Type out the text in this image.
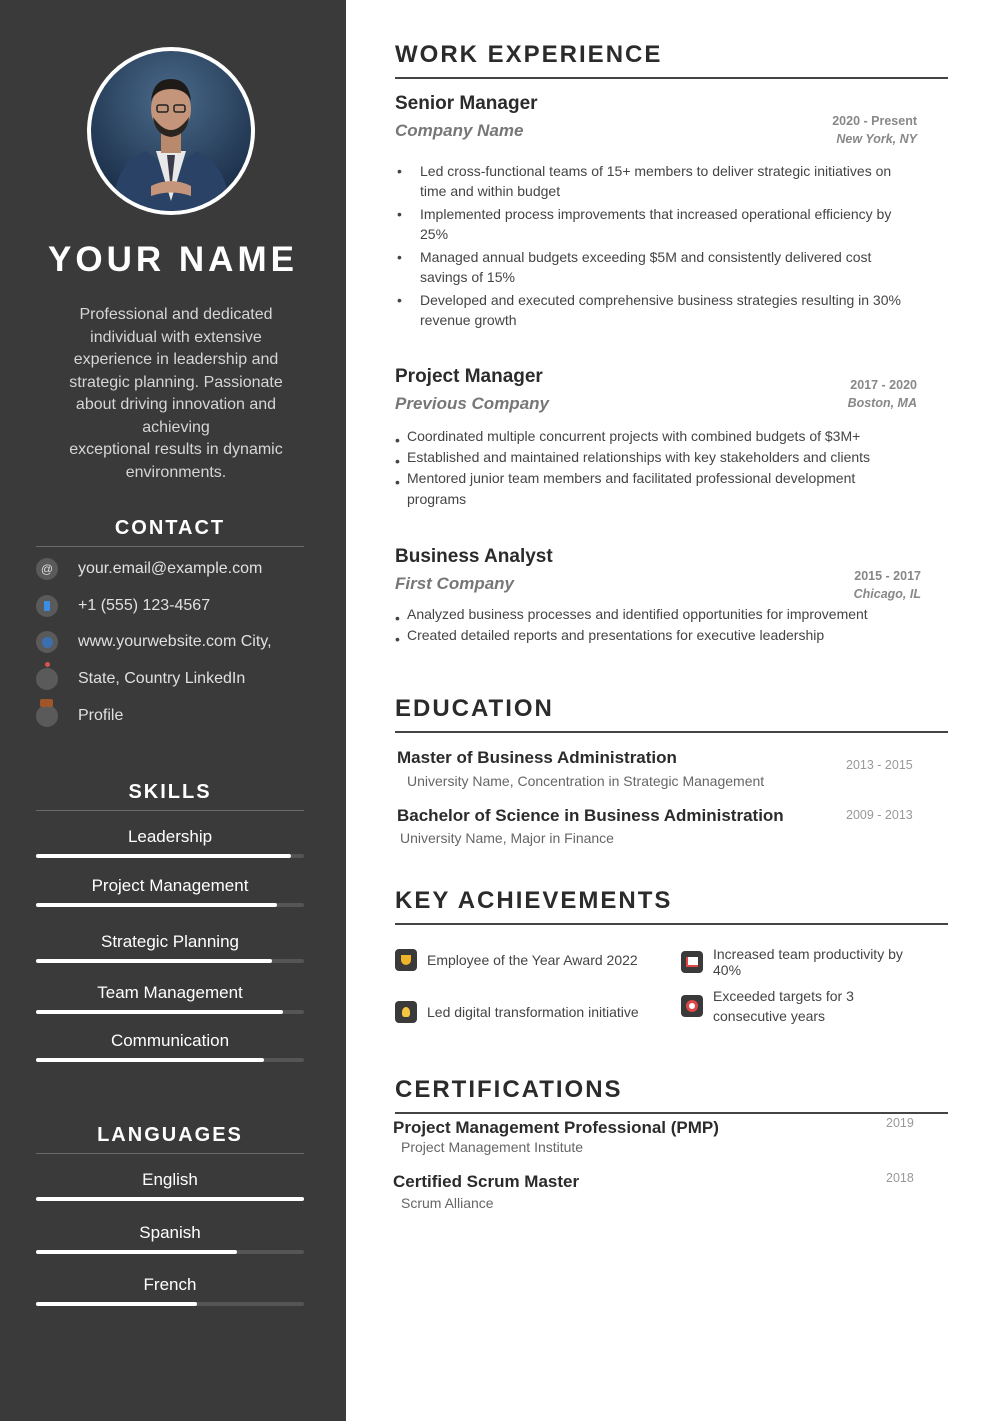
YOUR NAME
Professional and dedicated
individual with extensive
experience in leadership and
strategic planning. Passionate
about driving innovation and
achieving
exceptional results in dynamic
environments.
CONTACT
@	your.email@example.com
+1 (555) 123-4567
www.yourwebsite.com City,
State, Country LinkedIn
Profile
SKILLS
Leadership
Project Management
Strategic Planning
Team Management
Communication
LANGUAGES
English
Spanish
French
WORK EXPERIENCE
Senior Manager
Company Name	2020 - Present
New York, NY
• Led cross-functional teams of 15+ members to deliver strategic initiatives on time and within budget
• Implemented process improvements that increased operational efficiency by 25%
• Managed annual budgets exceeding $5M and consistently delivered cost savings of 15%
• Developed and executed comprehensive business strategies resulting in 30% revenue growth
Project Manager
Previous Company
2017 - 2020
Boston, MA
• Coordinated multiple concurrent projects with combined budgets of $3M+
• Established and maintained relationships with key stakeholders and clients
• Mentored junior team members and facilitated professional development programs
Business Analyst
First Company	2015 - 2017
Chicago, IL
• Analyzed business processes and identified opportunities for improvement
• Created detailed reports and presentations for executive leadership
EDUCATION
Master of Business Administration
University Name, Concentration in Strategic Management
2013 - 2015
Bachelor of Science in Business Administration
University Name, Major in Finance
2009 - 2013
KEY ACHIEVEMENTS
Employee of the Year Award 2022	Increased team productivity by 40%
Led digital transformation initiative
Exceeded targets for 3 consecutive years
CERTIFICATIONS
Project Management Professional (PMP)
Project Management Institute
2019
Certified Scrum Master
Scrum Alliance
2018
